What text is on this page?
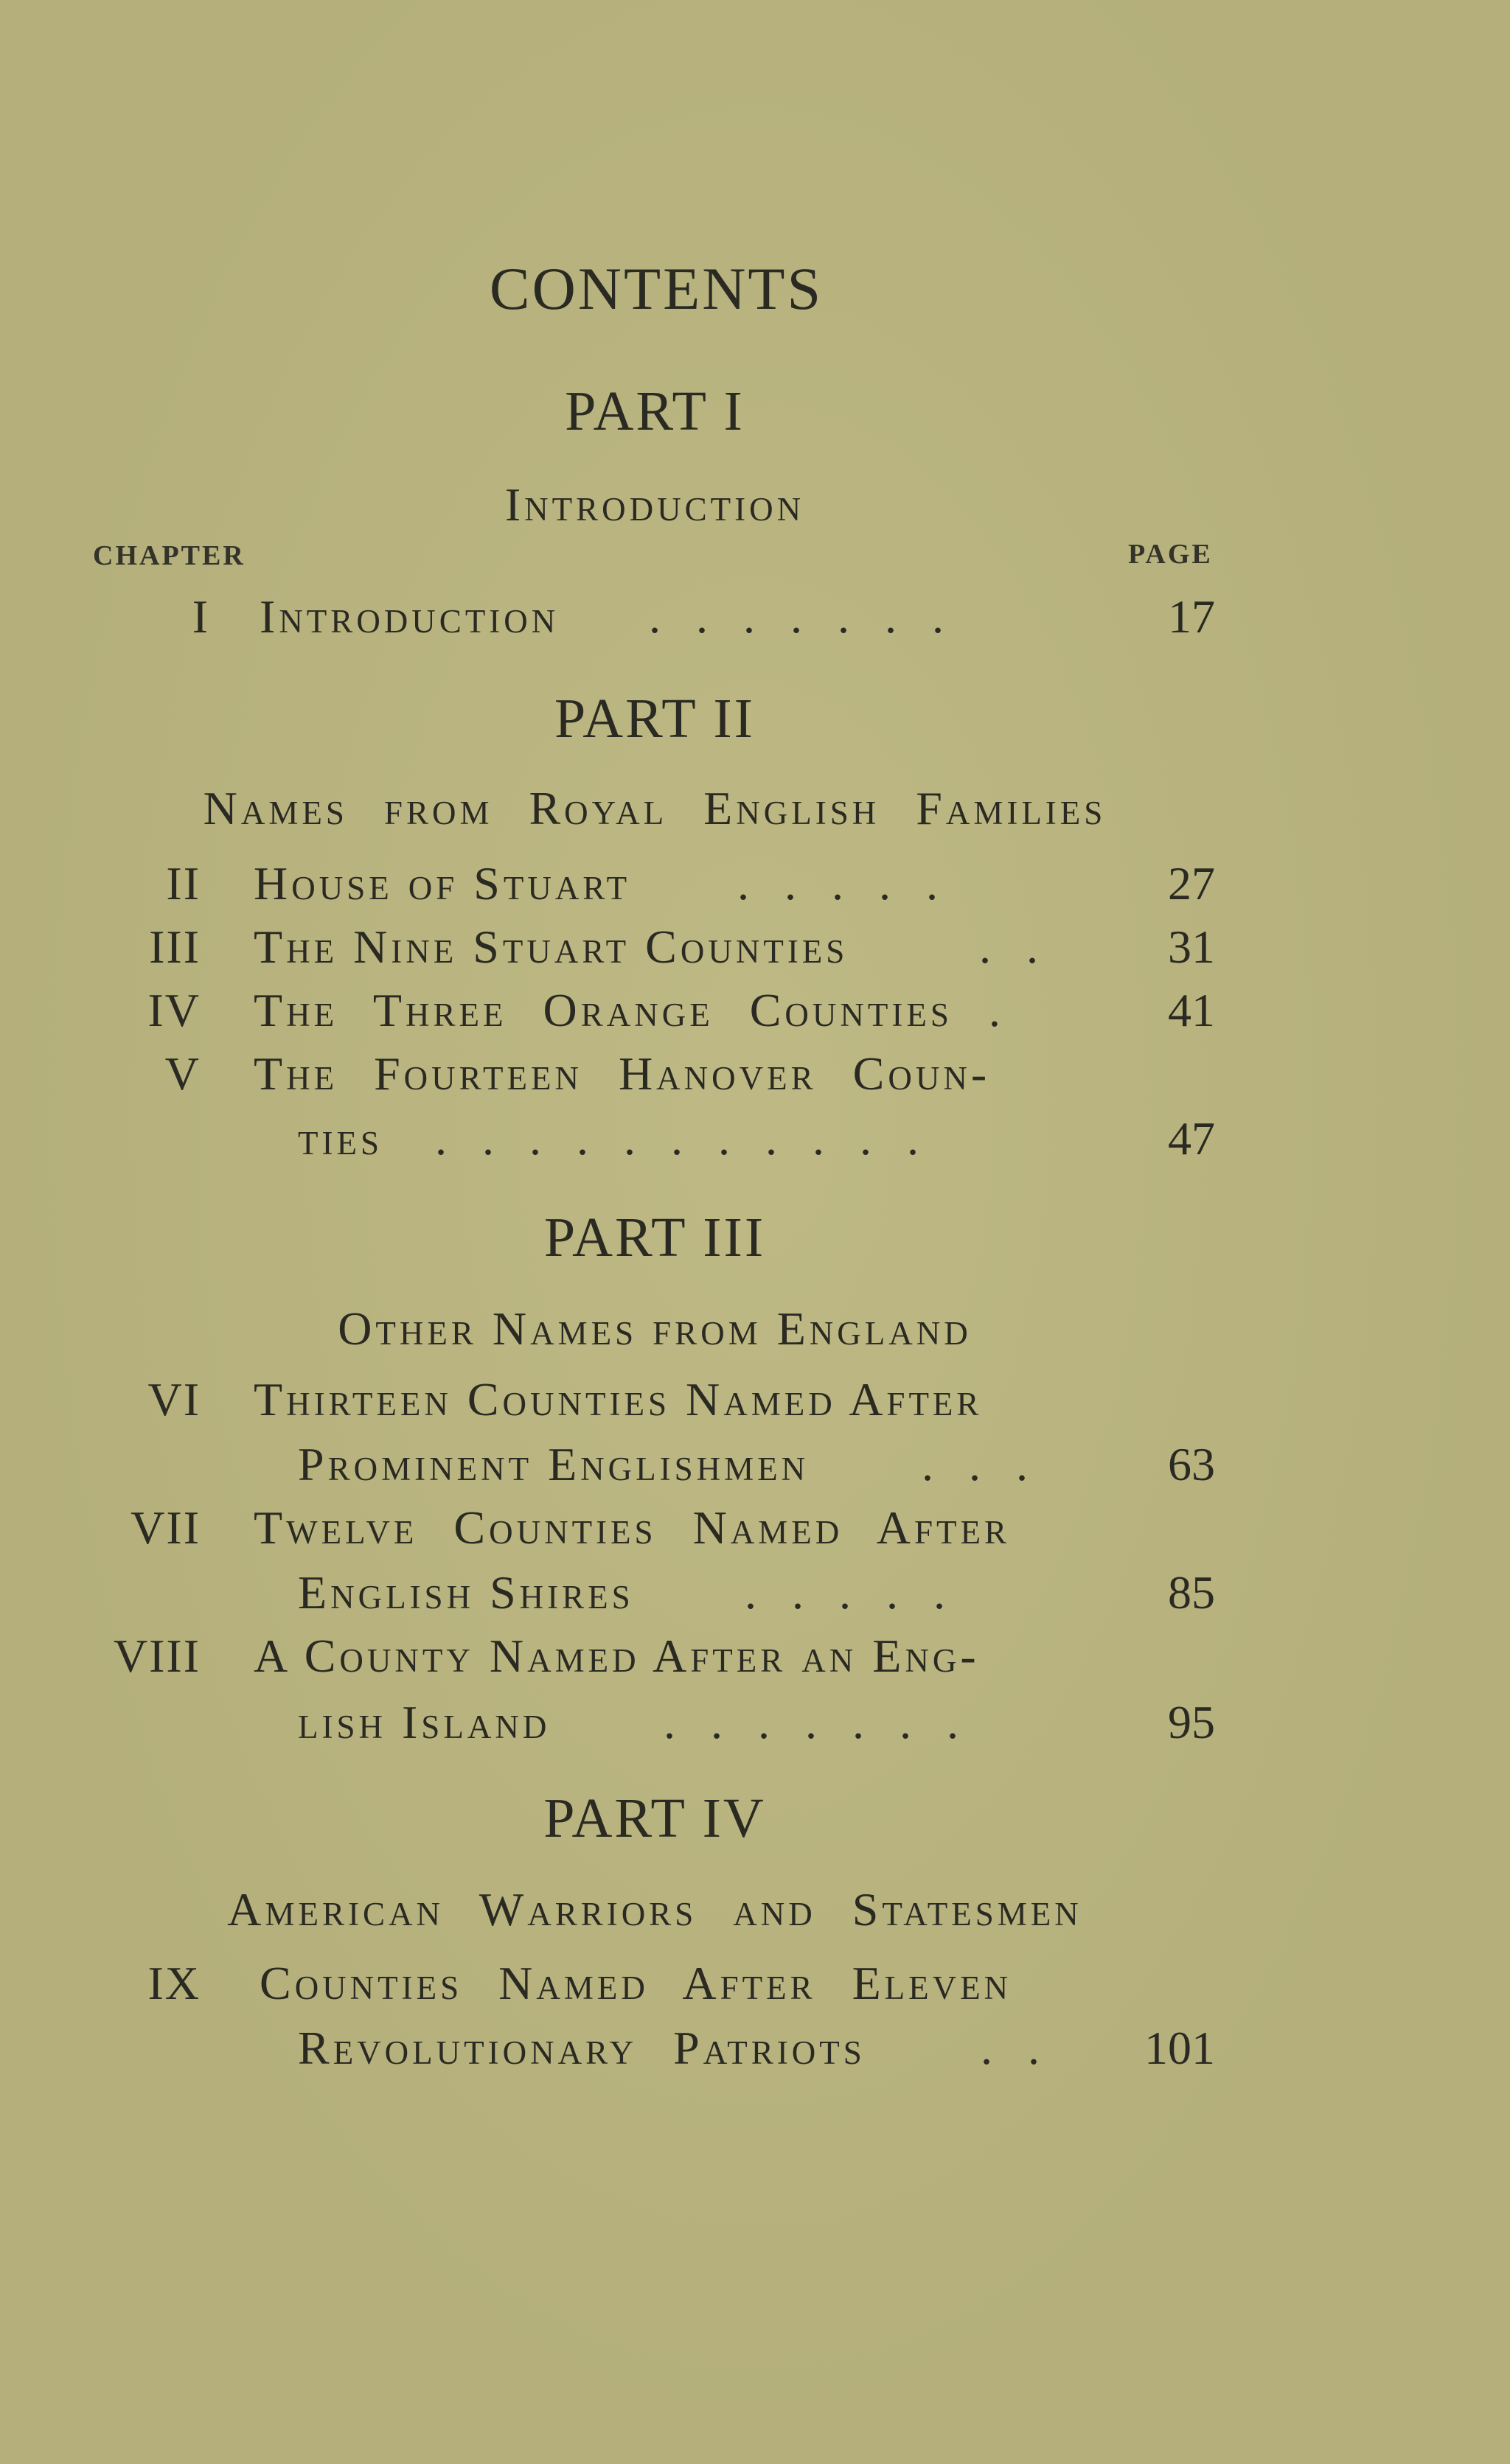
CONTENTS
PART I
Introduction
CHAPTER	PAGE
I Introduction .   .   .   .   .   .   .	17
PART II
Names from Royal English Families
II House of Stuart .   .   .   .   .	27
III The Nine Stuart Counties	.   .	31
IV The Three Orange Counties .	41
V The Fourteen Hanover Coun-
ties .   .   .   .   .   .   .   .   .   .   .	47
PART III
Other Names from England
VI Thirteen Counties Named After
Prominent Englishmen .   .   .	63
VII Twelve Counties Named After
English Shires .   .   .   .   .	85
VIII A County Named After an Eng-
lish Island .   .   .   .   .   .   .	95
PART IV
American Warriors and Statesmen
IX Counties Named After Eleven
Revolutionary Patriots .   .	101
